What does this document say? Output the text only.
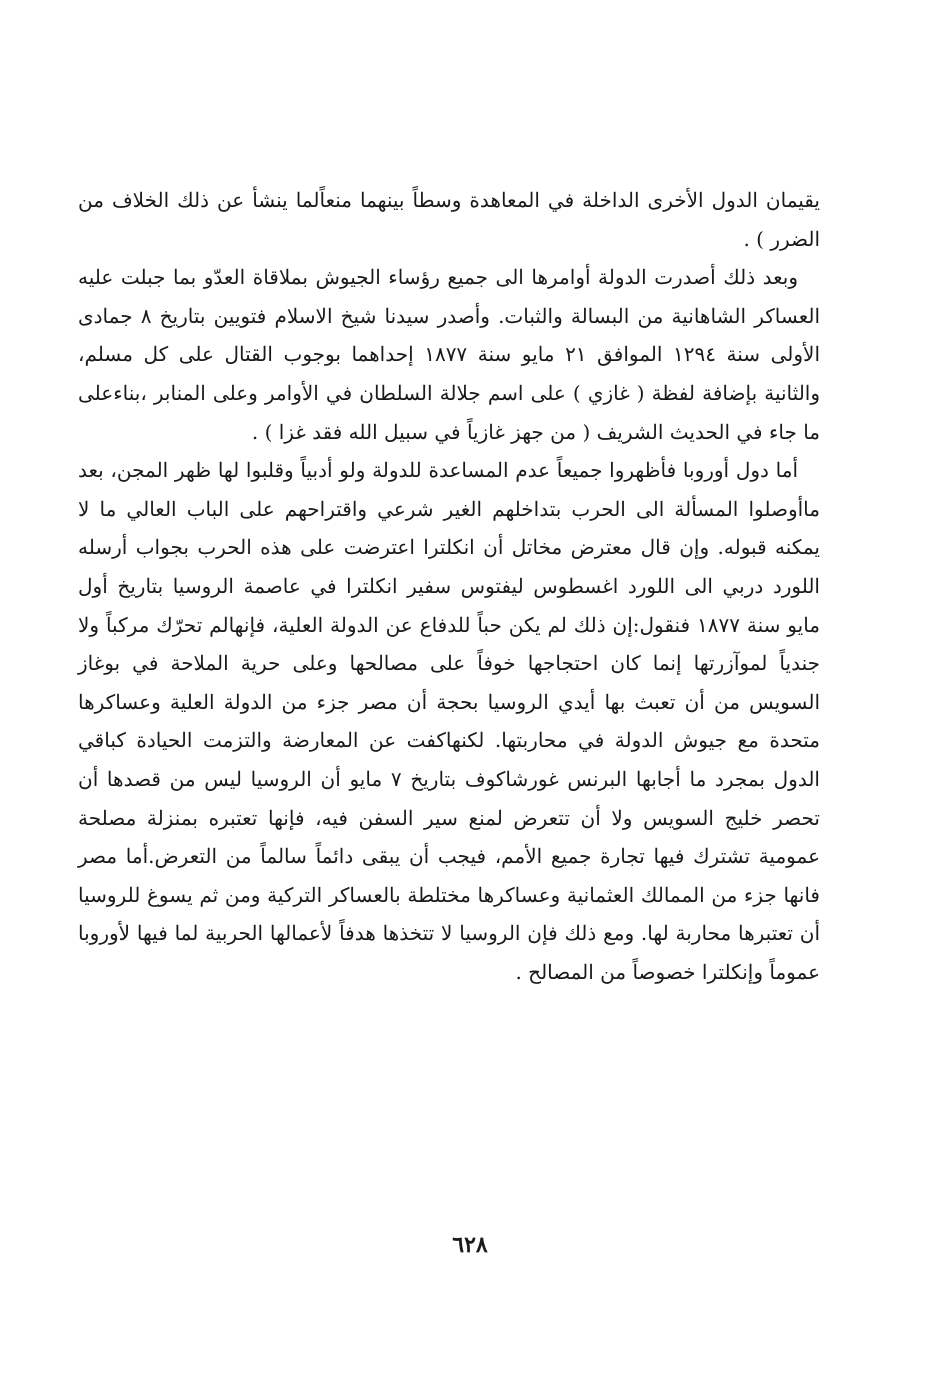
يقيمان الدول الأخرى الداخلة في المعاهدة وسطاً بينهما منعاًلما ينشأ عن ذلك الخلاف من الضرر ) .

وبعد ذلك أصدرت الدولة أوامرها الى جميع رؤساء الجيوش بملاقاة العدّو بما جبلت عليه العساكر الشاهانية من البسالة والثبات. وأصدر سيدنا شيخ الاسلام فتويين بتاريخ ٨ جمادى الأولى سنة ١٢٩٤ الموافق ٢١ مايو سنة ١٨٧٧ إحداهما بوجوب القتال على كل مسلم، والثانية بإضافة لفظة ( غازي ) على اسم جلالة السلطان في الأوامر وعلى المنابر ،بناءعلى ما جاء في الحديث الشريف ( من جهز غازياً في سبيل الله فقد غزا ) .

أما دول أوروبا فأظهروا جميعاً عدم المساعدة للدولة ولو أدبياً وقلبوا لها ظهر المجن، بعد ماأوصلوا المسألة الى الحرب بتداخلهم الغير شرعي واقتراحهم على الباب العالي ما لا يمكنه قبوله. وإن قال معترض مخاتل أن انكلترا اعترضت على هذه الحرب بجواب أرسله اللورد دربي الى اللورد اغسطوس ليفتوس سفير انكلترا في عاصمة الروسيا بتاريخ أول مايو سنة ١٨٧٧ فنقول:إن ذلك لم يكن حباً للدفاع عن الدولة العلية، فإنهالم تحرّك مركباً ولا جندياً لموآزرتها إنما كان احتجاجها خوفاً على مصالحها وعلى حرية الملاحة في بوغاز السويس من أن تعبث بها أيدي الروسيا بحجة أن مصر جزء من الدولة العلية وعساكرها متحدة مع جيوش الدولة في محاربتها. لكنهاكفت عن المعارضة والتزمت الحيادة كباقي الدول بمجرد ما أجابها البرنس غورشاكوف بتاريخ ٧ مايو أن الروسيا ليس من قصدها أن تحصر خليج السويس ولا أن تتعرض لمنع سير السفن فيه، فإنها تعتبره بمنزلة مصلحة عمومية تشترك فيها تجارة جميع الأمم، فيجب أن يبقى دائماً سالماً من التعرض.أما مصر فانها جزء من الممالك العثمانية وعساكرها مختلطة بالعساكر التركية ومن ثم يسوغ للروسيا أن تعتبرها محاربة لها. ومع ذلك فإن الروسيا لا تتخذها هدفاً لأعمالها الحربية لما فيها لأوروبا عموماً وإنكلترا خصوصاً من المصالح .

٦٢٨
